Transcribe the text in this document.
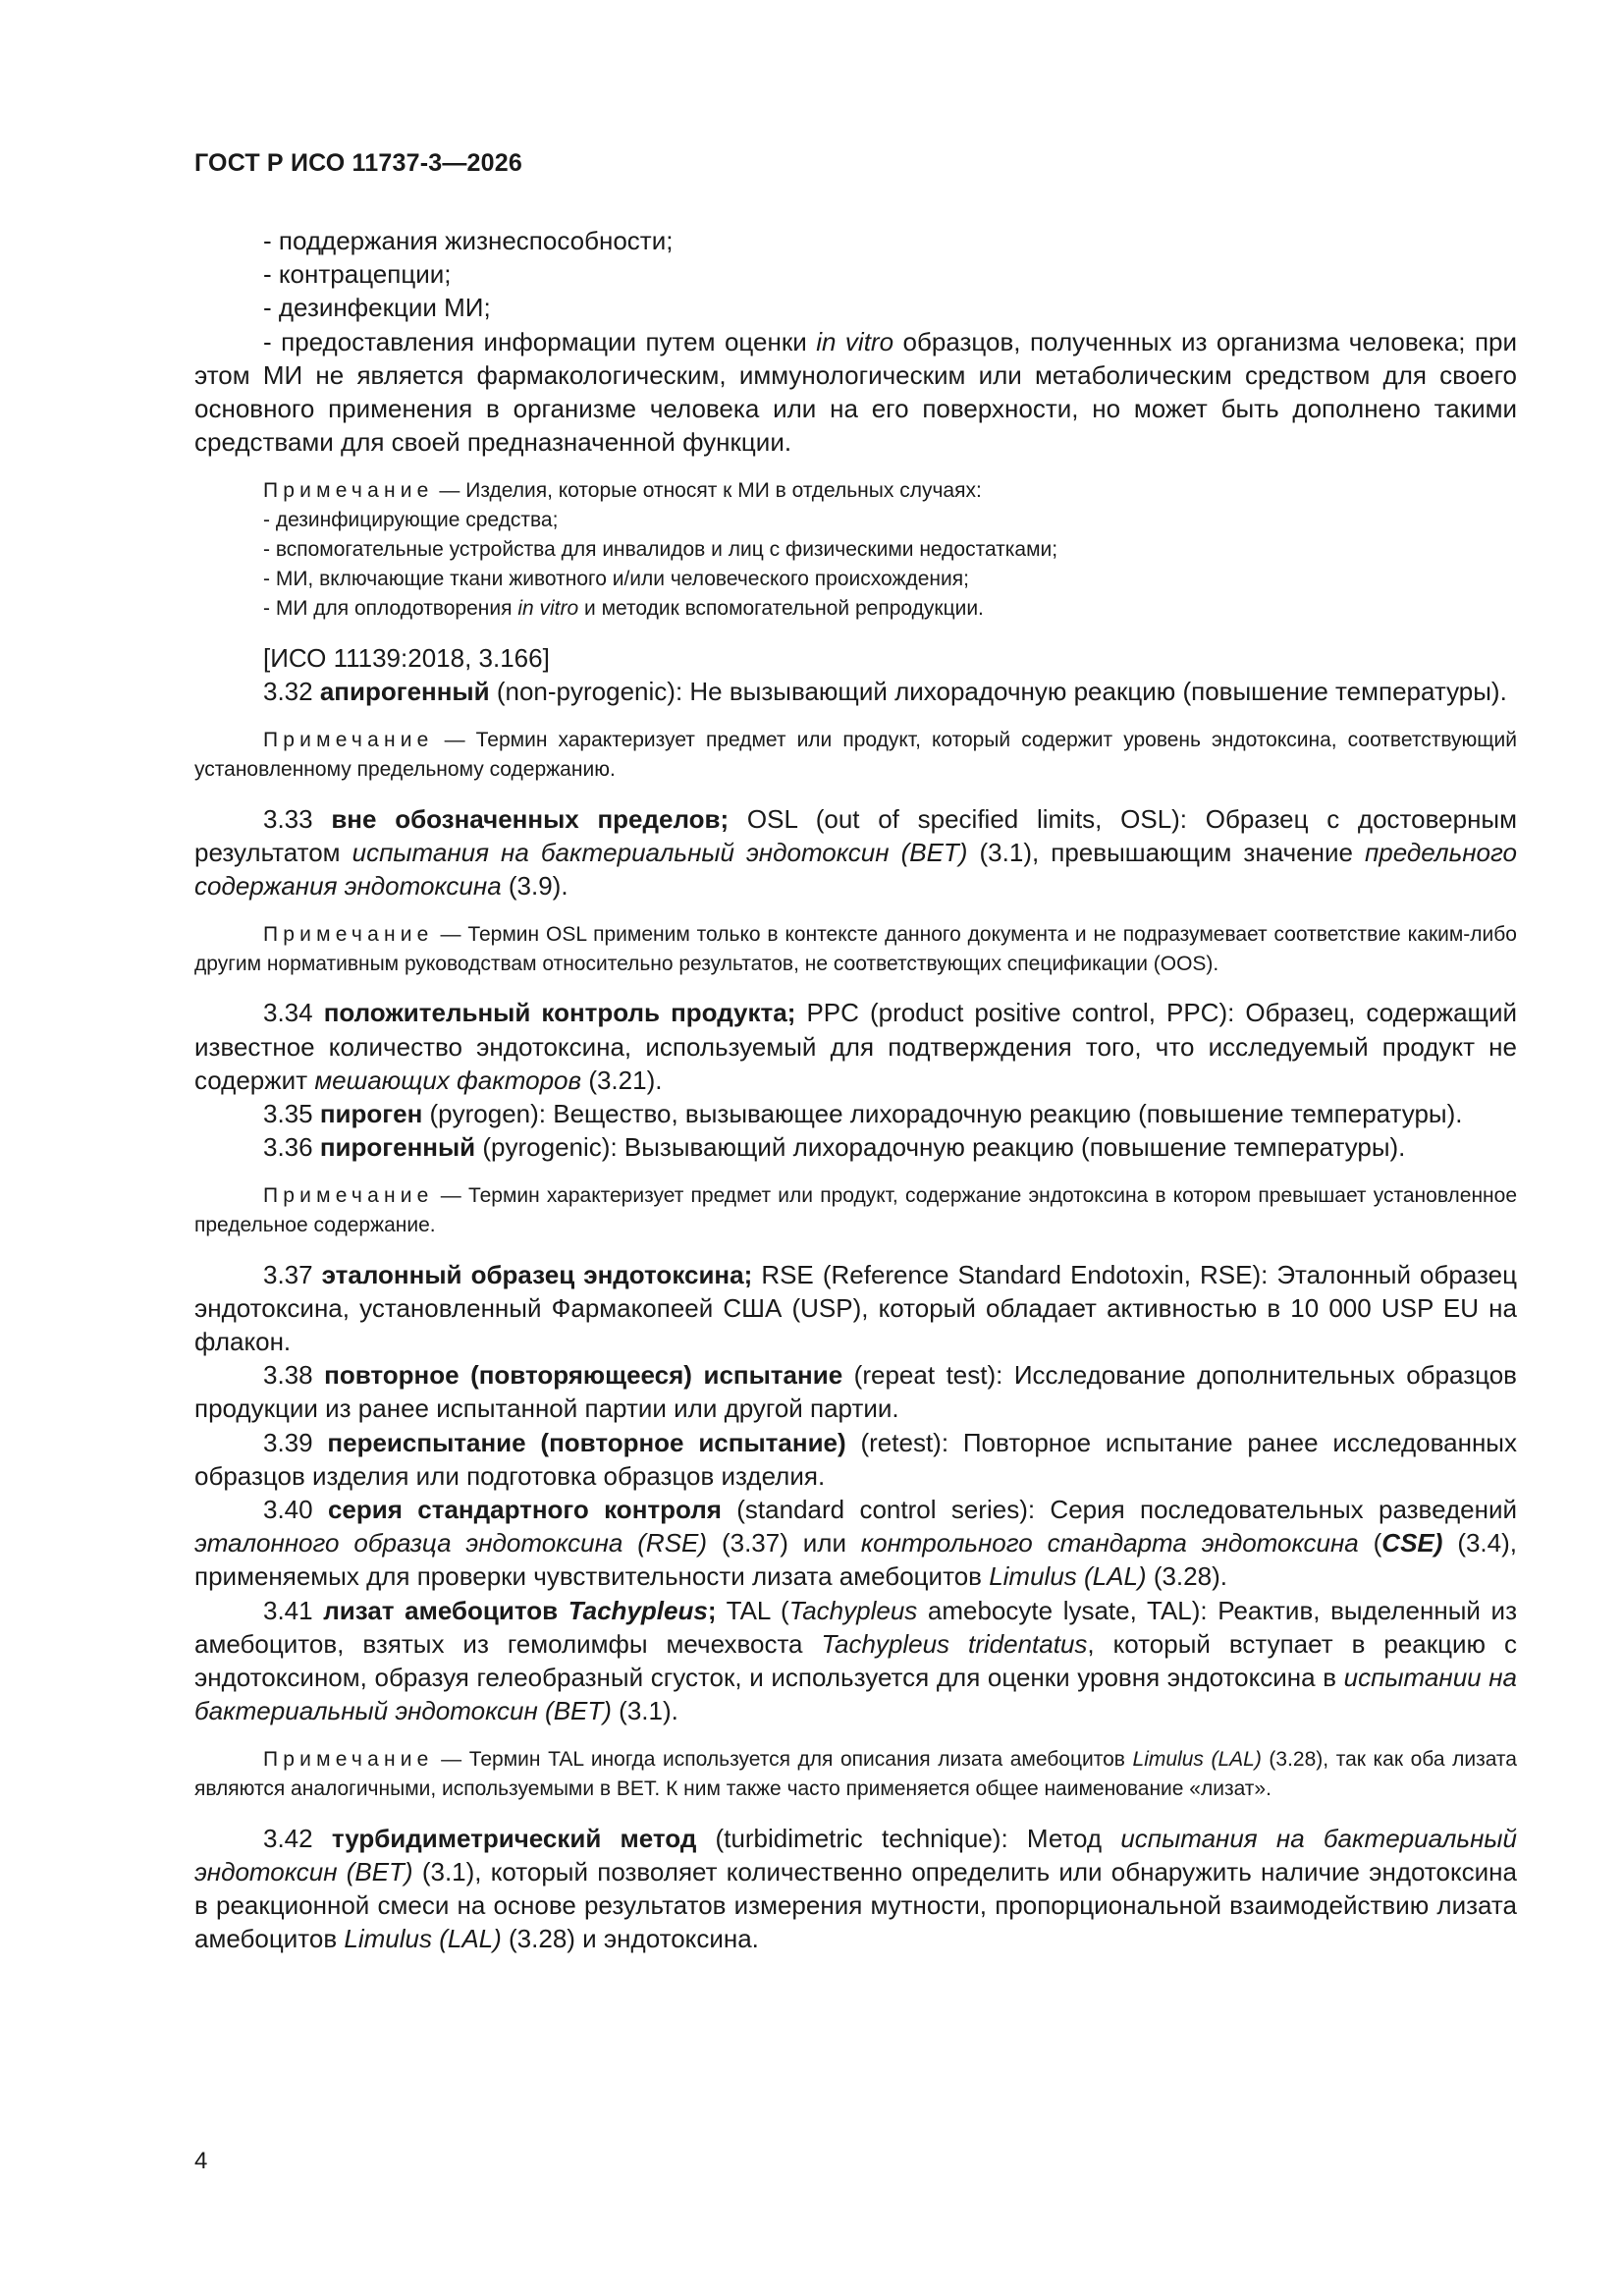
ГОСТ Р ИСО 11737-3—2026

- поддержания жизнеспособности;

- контрацепции;

- дезинфекции МИ;

- предоставления информации путем оценки in vitro образцов, полученных из организма человека; при этом МИ не является фармакологическим, иммунологическим или метаболическим средством для своего основного применения в организме человека или на его поверхности, но может быть дополнено такими средствами для своей предназначенной функции.

Примечание — Изделия, которые относят к МИ в отдельных случаях:

- дезинфицирующие средства;

- вспомогательные устройства для инвалидов и лиц с физическими недостатками;

- МИ, включающие ткани животного и/или человеческого происхождения;

- МИ для оплодотворения in vitro и методик вспомогательной репродукции.

[ИСО 11139:2018, 3.166]

3.32 апирогенный (non-pyrogenic): Не вызывающий лихорадочную реакцию (повышение температуры).

Примечание — Термин характеризует предмет или продукт, который содержит уровень эндотоксина, соответствующий установленному предельному содержанию.

3.33 вне обозначенных пределов; OSL (out of specified limits, OSL): Образец с достоверным результатом испытания на бактериальный эндотоксин (BET) (3.1), превышающим значение предельного содержания эндотоксина (3.9).

Примечание — Термин OSL применим только в контексте данного документа и не подразумевает соответствие каким-либо другим нормативным руководствам относительно результатов, не соответствующих спецификации (OOS).

3.34 положительный контроль продукта; PPC (product positive control, PPC): Образец, содержащий известное количество эндотоксина, используемый для подтверждения того, что исследуемый продукт не содержит мешающих факторов (3.21).

3.35 пироген (pyrogen): Вещество, вызывающее лихорадочную реакцию (повышение температуры).

3.36 пирогенный (pyrogenic): Вызывающий лихорадочную реакцию (повышение температуры).

Примечание — Термин характеризует предмет или продукт, содержание эндотоксина в котором превышает установленное предельное содержание.

3.37 эталонный образец эндотоксина; RSE (Reference Standard Endotoxin, RSE): Эталонный образец эндотоксина, установленный Фармакопеей США (USP), который обладает активностью в 10 000 USP EU на флакон.

3.38 повторное (повторяющееся) испытание (repeat test): Исследование дополнительных образцов продукции из ранее испытанной партии или другой партии.

3.39 переиспытание (повторное испытание) (retest): Повторное испытание ранее исследованных образцов изделия или подготовка образцов изделия.

3.40 серия стандартного контроля (standard control series): Серия последовательных разведений эталонного образца эндотоксина (RSE) (3.37) или контрольного стандарта эндотоксина (CSE) (3.4), применяемых для проверки чувствительности лизата амебоцитов Limulus (LAL) (3.28).

3.41 лизат амебоцитов Tachypleus; TAL (Tachypleus amebocyte lysate, TAL): Реактив, выделенный из амебоцитов, взятых из гемолимфы мечехвоста Tachypleus tridentatus, который вступает в реакцию с эндотоксином, образуя гелеобразный сгусток, и используется для оценки уровня эндотоксина в испытании на бактериальный эндотоксин (BET) (3.1).

Примечание — Термин TAL иногда используется для описания лизата амебоцитов Limulus (LAL) (3.28), так как оба лизата являются аналогичными, используемыми в BET. К ним также часто применяется общее наименование «лизат».

3.42 турбидиметрический метод (turbidimetric technique): Метод испытания на бактериальный эндотоксин (BET) (3.1), который позволяет количественно определить или обнаружить наличие эндотоксина в реакционной смеси на основе результатов измерения мутности, пропорциональной взаимодействию лизата амебоцитов Limulus (LAL) (3.28) и эндотоксина.

4
